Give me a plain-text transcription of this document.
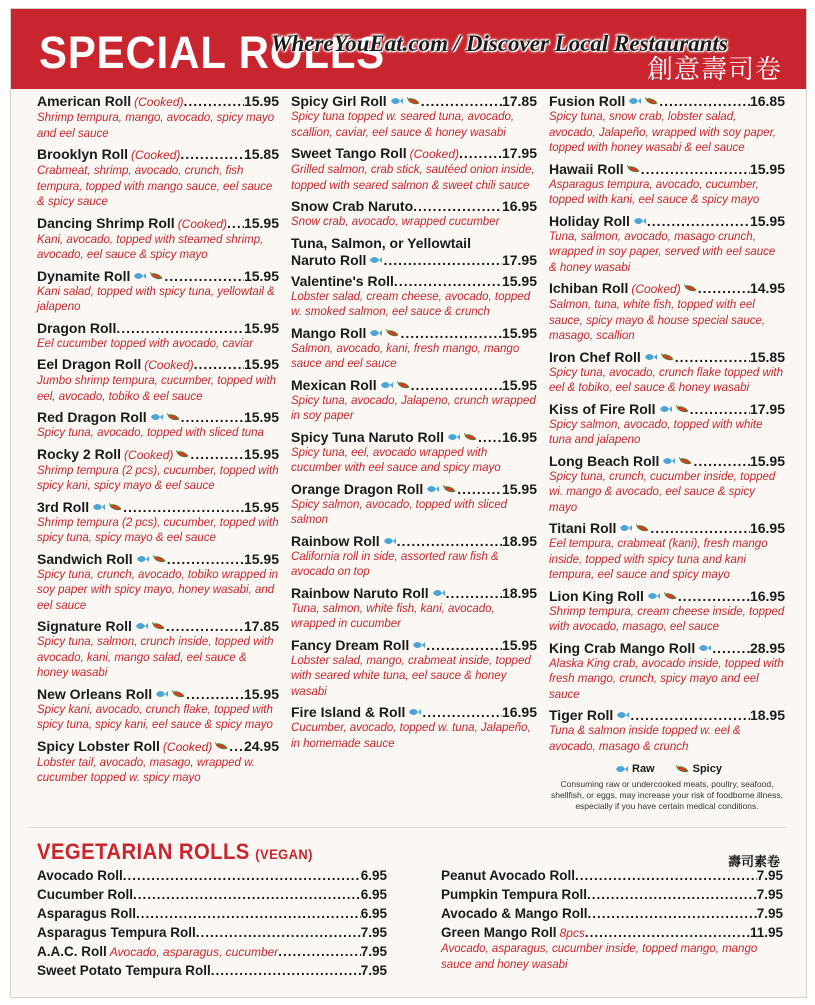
SPECIAL ROLLS	創意壽司卷
WhereYouEat.com / Discover Local Restaurants
American Roll (Cooked) .....	15.95
Shrimp tempura, mango, avocado, spicy mayo and eel sauce
Brooklyn Roll (Cooked) .....	15.85
Crabmeat, shrimp, avocado, crunch, fish tempura, topped with mango sauce, eel sauce & spicy sauce
Dancing Shrimp Roll (Cooked) ..... 15.95
Kani, avocado, topped with steamed shrimp, avocado, eel sauce & spicy mayo
Dynamite Roll .....	15.95
Kani salad, topped with spicy tuna, yellowtail & jalapeno
Dragon Roll .....	15.95
Eel cucumber topped with avocado, caviar
Eel Dragon Roll (Cooked) .....	15.95
Jumbo shrimp tempura, cucumber, topped with eel, avocado, tobiko & eel sauce
Red Dragon Roll .....	15.95
Spicy tuna, avocado, topped with sliced tuna
Rocky 2 Roll (Cooked) .....	15.95
Shrimp tempura (2 pcs), cucumber, topped with spicy kani, spicy mayo & eel sauce
3rd Roll .....	15.95
Shrimp tempura (2 pcs), cucumber, topped with spicy tuna, spicy mayo & eel sauce
Sandwich Roll .....	15.95
Spicy tuna, crunch, avocado, tobiko wrapped in soy paper with spicy mayo, honey wasabi, and eel sauce
Signature Roll .....	17.85
Spicy tuna, salmon, crunch inside, topped with avocado, kani, mango salad, eel sauce & honey wasabi
New Orleans Roll .....	15.95
Spicy kani, avocado, crunch flake, topped with spicy tuna, spicy kani, eel sauce & spicy mayo
Spicy Lobster Roll (Cooked) ..... 24.95
Lobster tail, avocado, masago, wrapped w. cucumber topped w. spicy mayo
Spicy Girl Roll .....	17.85
Spicy tuna topped w. seared tuna, avocado, scallion, caviar, eel sauce & honey wasabi
Sweet Tango Roll (Cooked) .....	17.95
Grilled salmon, crab stick, sautéed onion inside, topped with seared salmon & sweet chili sauce
Snow Crab Naruto .....	16.95
Snow crab, avocado, wrapped cucumber
Tuna, Salmon, or Yellowtail
Naruto Roll .....	17.95
Valentine's Roll .....	15.95
Lobster salad, cream cheese, avocado, topped w. smoked salmon, eel sauce & crunch
Mango Roll .....	15.95
Salmon, avocado, kani, fresh mango, mango sauce and eel sauce
Mexican Roll .....	15.95
Spicy tuna, avocado, Jalapeno, crunch wrapped in soy paper
Spicy Tuna Naruto Roll .....	16.95
Spicy tuna, eel, avocado wrapped with cucumber with eel sauce and spicy mayo
Orange Dragon Roll .....	15.95
Spicy salmon, avocado, topped with sliced salmon
Rainbow Roll .....	18.95
California roll in side, assorted raw fish & avocado on top
Rainbow Naruto Roll .....	18.95
Tuna, salmon, white fish, kani, avocado, wrapped in cucumber
Fancy Dream Roll .....	15.95
Lobster salad, mango, crabmeat inside, topped with seared white tuna, eel sauce & honey wasabi
Fire Island & Roll .....	16.95
Cucumber, avocado, topped w. tuna, Jalapeño, in homemade sauce
Fusion Roll .....	16.85
Spicy tuna, snow crab, lobster salad, avocado, Jalapeño, wrapped with soy paper, topped with honey wasabi & eel sauce
Hawaii Roll .....	15.95
Asparagus tempura, avocado, cucumber, topped with kani, eel sauce & spicy mayo
Holiday Roll .....	15.95
Tuna, salmon, avocado, masago crunch, wrapped in soy paper, served with eel sauce & honey wasabi
Ichiban Roll (Cooked) .....	14.95
Salmon, tuna, white fish, topped with eel sauce, spicy mayo & house special sauce, masago, scallion
Iron Chef Roll .....	15.85
Spicy tuna, avocado, crunch flake topped with eel & tobiko, eel sauce & honey wasabi
Kiss of Fire Roll .....	17.95
Spicy salmon, avocado, topped with white tuna and jalapeno
Long Beach Roll .....	15.95
Spicy tuna, crunch, cucumber inside, topped wi. mango & avocado, eel sauce & spicy mayo
Titani Roll .....	16.95
Eel tempura, crabmeat (kani), fresh mango inside, topped with spicy tuna and kani tempura, eel sauce and spicy mayo
Lion King Roll .....	16.95
Shrimp tempura, cream cheese inside, topped with avocado, masago, eel sauce
King Crab Mango Roll .....	28.95
Alaska King crab, avocado inside, topped with fresh mango, crunch, spicy mayo and eel sauce
Tiger Roll .....	18.95
Tuna & salmon inside topped w. eel & avocado, masago & crunch
Raw	Spicy
Consuming raw or undercooked meats, poultry, seafood, shellfish, or eggs, may increase your risk of foodborne illness, especially if you have certain medical conditions.
VEGETARIAN ROLLS (VEGAN)	壽司素卷
Avocado Roll .....	6.95
Cucumber Roll .....	6.95
Asparagus Roll .....	6.95
Asparagus Tempura Roll .....	7.95
A.A.C. Roll Avocado, asparagus, cucumber .....	7.95
Sweet Potato Tempura Roll .....	7.95
Peanut Avocado Roll .....	7.95
Pumpkin Tempura Roll .....	7.95
Avocado & Mango Roll .....	7.95
Green Mango Roll 8pcs .....	11.95
Avocado, asparagus, cucumber inside, topped mango, mango sauce and honey wasabi
